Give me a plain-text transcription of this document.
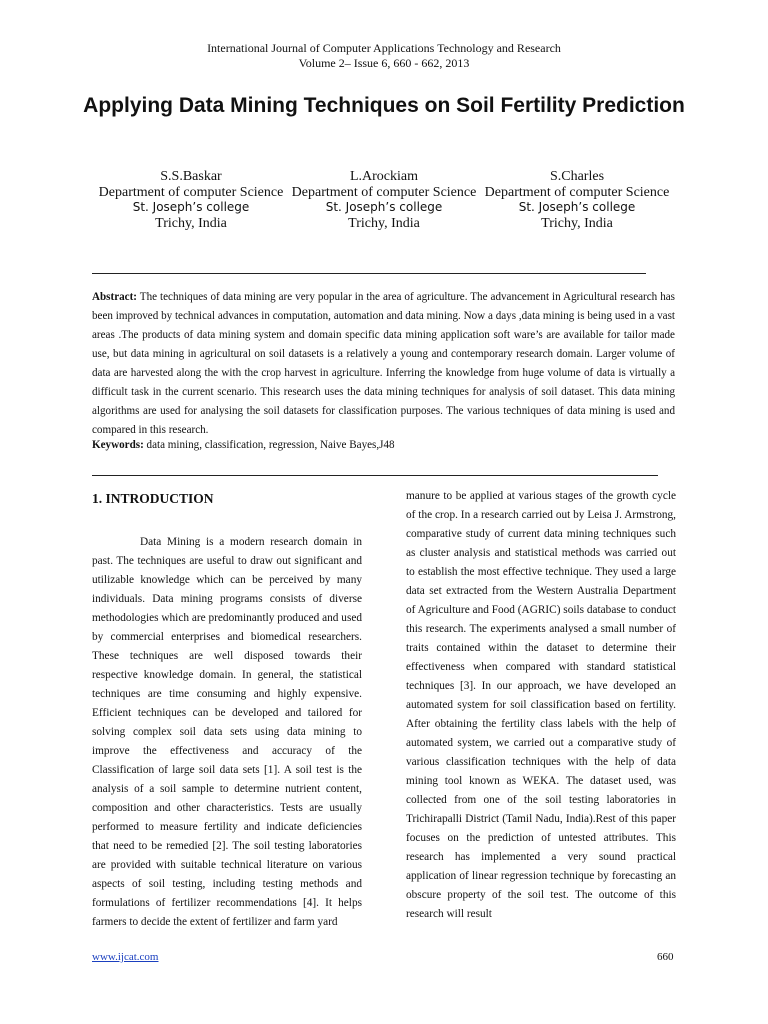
International Journal of Computer Applications Technology and Research
Volume 2– Issue 6, 660 - 662, 2013
Applying Data Mining Techniques on Soil Fertility Prediction
S.S.Baskar
Department of computer Science
St. Joseph’s college
Trichy, India
L.Arockiam
Department of computer Science
St. Joseph’s college
Trichy, India
S.Charles
Department of computer Science
St. Joseph’s college
Trichy, India

Abstract: The techniques of data mining are very popular in the area of agriculture. The advancement in Agricultural research has been improved by technical advances in computation, automation and data mining. Now a days ,data mining is being used in a vast areas .The products of data mining system and domain specific data mining application soft ware’s are available for tailor made use, but data mining in agricultural on soil datasets is a relatively a young and contemporary research domain. Larger volume of data are harvested along the with the crop harvest in agriculture. Inferring the knowledge from huge volume of data is virtually a difficult task in the current scenario. This research uses the data mining techniques for analysis of soil dataset. This data mining algorithms are used for analysing the soil datasets for classification purposes. The various techniques of data mining is used and compared in this research.

Keywords: data mining, classification, regression, Naive Bayes,J48

1. INTRODUCTION

Data Mining is a modern research domain in past. The techniques are useful to draw out significant and utilizable knowledge which can be perceived by many individuals. Data mining programs consists of diverse methodologies which are predominantly produced and used by commercial enterprises and biomedical researchers. These techniques are well disposed towards their respective knowledge domain. In general, the statistical techniques are time consuming and highly expensive. Efficient techniques can be developed and tailored for solving complex soil data sets using data mining to improve the effectiveness and accuracy of the Classification of large soil data sets [1]. A soil test is the analysis of a soil sample to determine nutrient content, composition and other characteristics. Tests are usually performed to measure fertility and indicate deficiencies that need to be remedied [2]. The soil testing laboratories are provided with suitable technical literature on various aspects of soil testing, including testing methods and formulations of fertilizer recommendations [4]. It helps farmers to decide the extent of fertilizer and farm yard

manure to be applied at various stages of the growth cycle of the crop. In a research carried out by Leisa J. Armstrong, comparative study of current data mining techniques such as cluster analysis and statistical methods was carried out to establish the most effective technique. They used a large data set extracted from the Western Australia Department of Agriculture and Food (AGRIC) soils database to conduct this research. The experiments analysed a small number of traits contained within the dataset to determine their effectiveness when compared with standard statistical techniques [3]. In our approach, we have developed an automated system for soil classification based on fertility. After obtaining the fertility class labels with the help of automated system, we carried out a comparative study of various classification techniques with the help of data mining tool known as WEKA. The dataset used, was collected from one of the soil testing laboratories in Trichirapalli District (Tamil Nadu, India).Rest of this paper focuses on the prediction of untested attributes. This research has implemented a very sound practical application of linear regression technique by forecasting an obscure property of the soil test. The outcome of this research will result

www.ijcat.com	660
